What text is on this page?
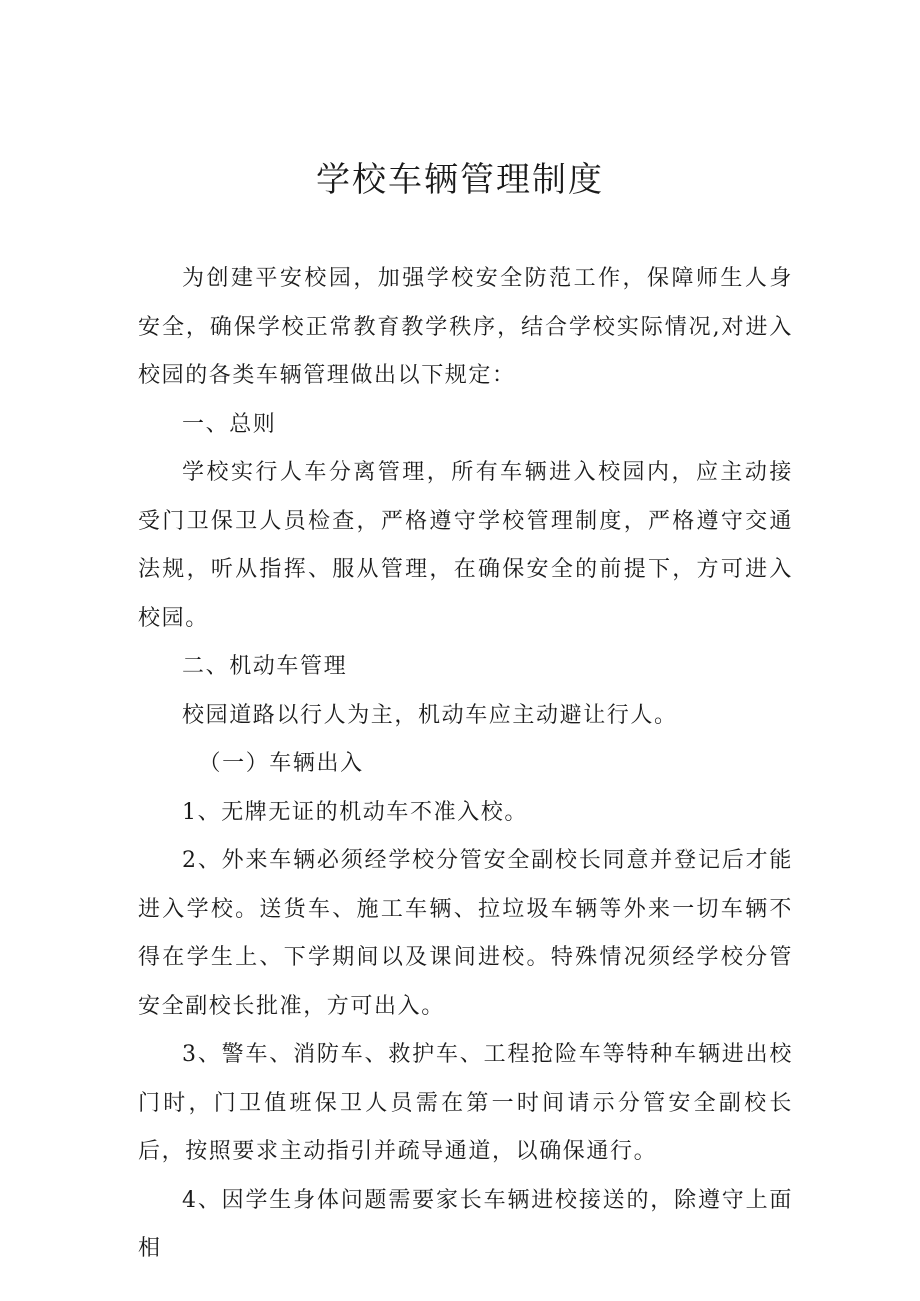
学校车辆管理制度

为创建平安校园，加强学校安全防范工作，保障师生人身安全，确保学校正常教育教学秩序，结合学校实际情况,对进入校园的各类车辆管理做出以下规定：

一、总则

学校实行人车分离管理，所有车辆进入校园内，应主动接受门卫保卫人员检查，严格遵守学校管理制度，严格遵守交通法规，听从指挥、服从管理，在确保安全的前提下，方可进入校园。

二、机动车管理

校园道路以行人为主，机动车应主动避让行人。

（一）车辆出入

1、无牌无证的机动车不准入校。

2、外来车辆必须经学校分管安全副校长同意并登记后才能进入学校。送货车、施工车辆、拉垃圾车辆等外来一切车辆不得在学生上、下学期间以及课间进校。特殊情况须经学校分管安全副校长批准，方可出入。

3、警车、消防车、救护车、工程抢险车等特种车辆进出校门时，门卫值班保卫人员需在第一时间请示分管安全副校长后，按照要求主动指引并疏导通道，以确保通行。

4、因学生身体问题需要家长车辆进校接送的，除遵守上面相
